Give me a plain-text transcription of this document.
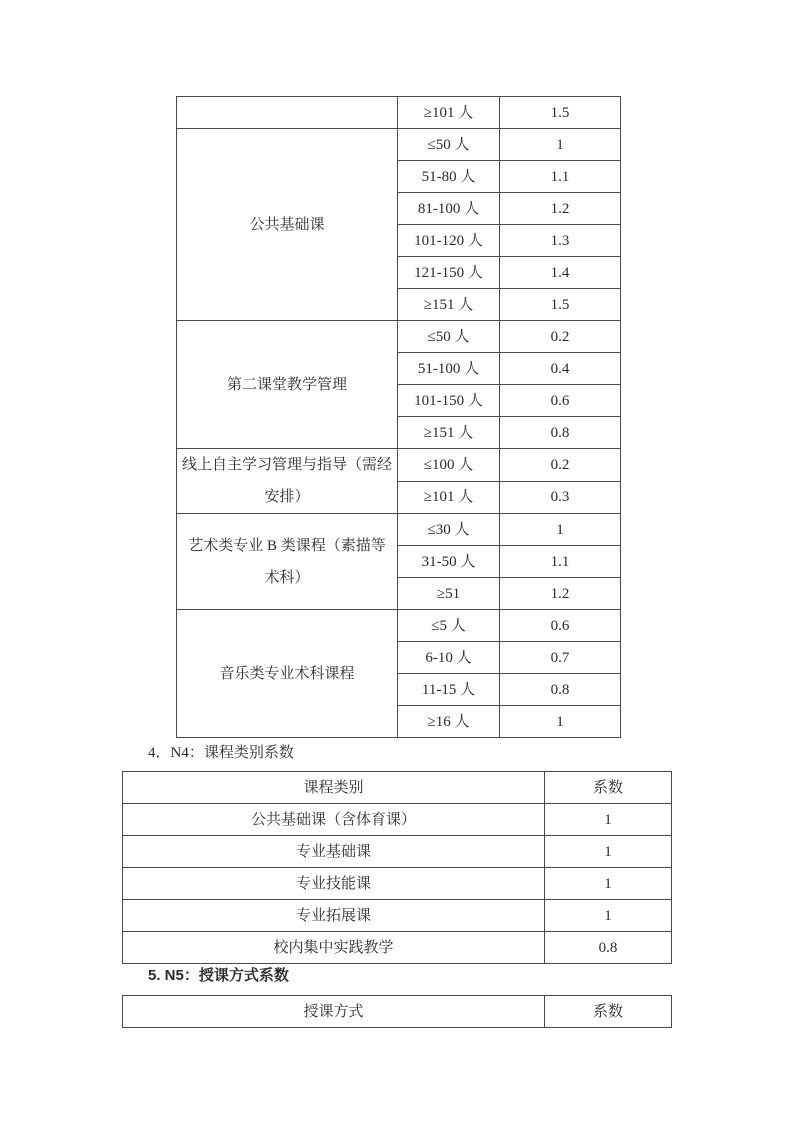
	≥101 人	1.5
公共基础课	≤50 人	1
	51-80 人	1.1
	81-100 人	1.2
	101-120 人	1.3
	121-150 人	1.4
	≥151 人	1.5
第二课堂教学管理	≤50 人	0.2
	51-100 人	0.4
	101-150 人	0.6
	≥151 人	0.8
线上自主学习管理与指导（需经安排）	≤100 人	0.2
	≥101 人	0.3
艺术类专业 B 类课程（素描等术科）	≤30 人	1
	31-50 人	1.1
	≥51	1.2
音乐类专业术科课程	≤5 人	0.6
	6-10 人	0.7
	11-15 人	0.8
	≥16 人	1
4．N4：课程类别系数
课程类别	系数
公共基础课（含体育课）	1
专业基础课	1
专业技能课	1
专业拓展课	1
校内集中实践教学	0.8
5. N5：授课方式系数
授课方式	系数
